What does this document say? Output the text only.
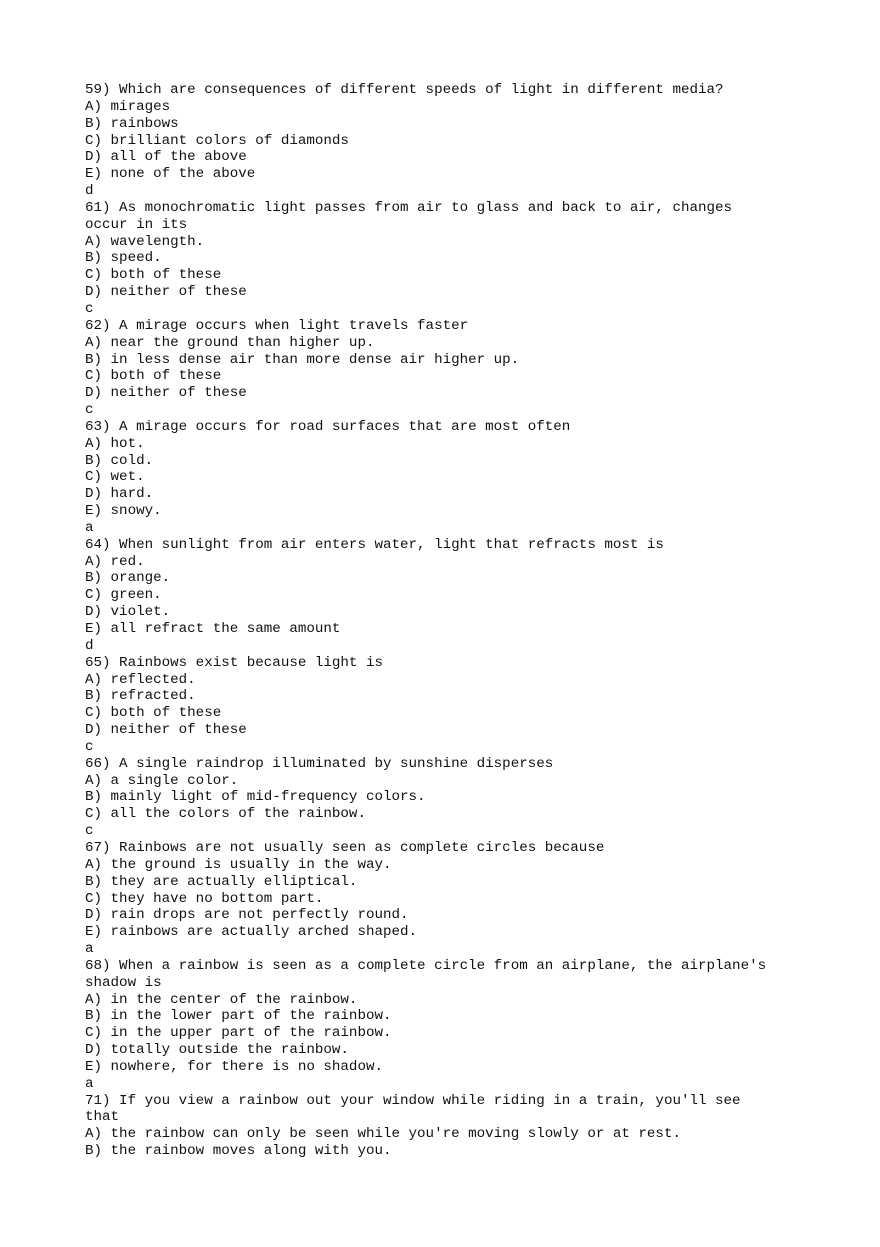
59) Which are consequences of different speeds of light in different media?
A) mirages
B) rainbows
C) brilliant colors of diamonds
D) all of the above
E) none of the above
d
61) As monochromatic light passes from air to glass and back to air, changes
occur in its
A) wavelength.
B) speed.
C) both of these
D) neither of these
c
62) A mirage occurs when light travels faster
A) near the ground than higher up.
B) in less dense air than more dense air higher up.
C) both of these
D) neither of these
c
63) A mirage occurs for road surfaces that are most often
A) hot.
B) cold.
C) wet.
D) hard.
E) snowy.
a
64) When sunlight from air enters water, light that refracts most is
A) red.
B) orange.
C) green.
D) violet.
E) all refract the same amount
d
65) Rainbows exist because light is
A) reflected.
B) refracted.
C) both of these
D) neither of these
c
66) A single raindrop illuminated by sunshine disperses
A) a single color.
B) mainly light of mid-frequency colors.
C) all the colors of the rainbow.
c
67) Rainbows are not usually seen as complete circles because
A) the ground is usually in the way.
B) they are actually elliptical.
C) they have no bottom part.
D) rain drops are not perfectly round.
E) rainbows are actually arched shaped.
a
68) When a rainbow is seen as a complete circle from an airplane, the airplane's
shadow is
A) in the center of the rainbow.
B) in the lower part of the rainbow.
C) in the upper part of the rainbow.
D) totally outside the rainbow.
E) nowhere, for there is no shadow.
a
71) If you view a rainbow out your window while riding in a train, you'll see
that
A) the rainbow can only be seen while you're moving slowly or at rest.
B) the rainbow moves along with you.
